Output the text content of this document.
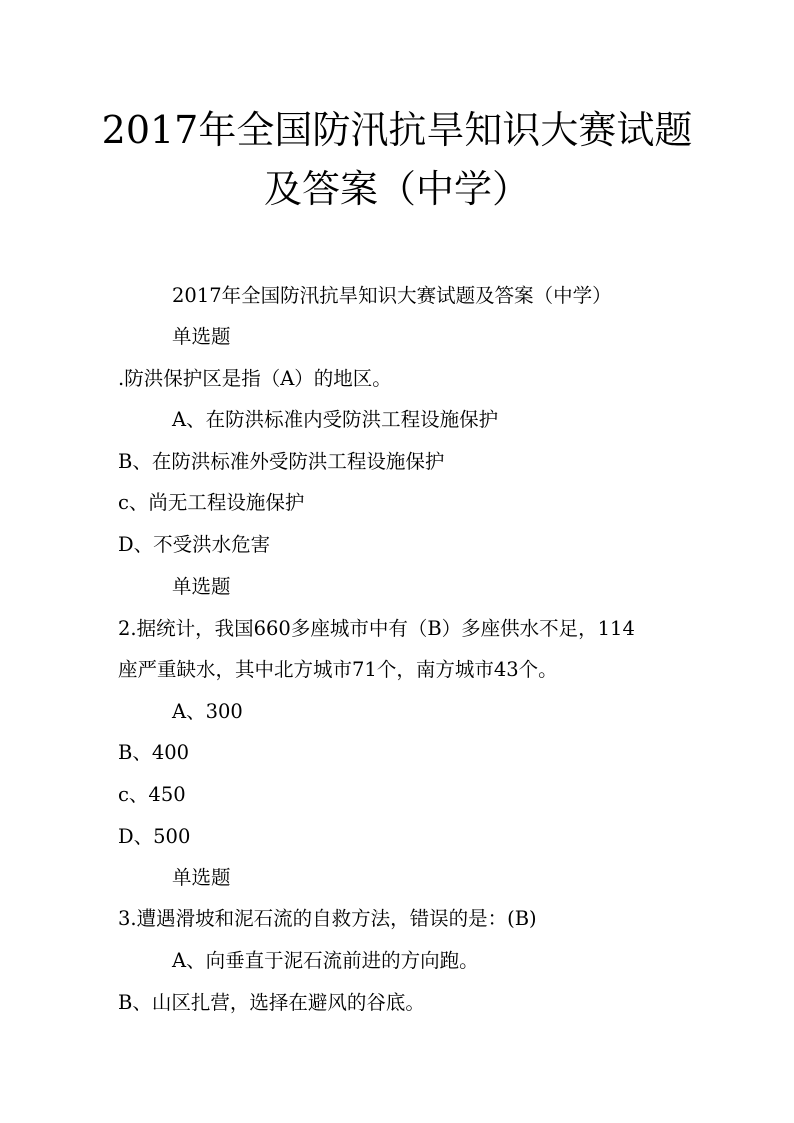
2017年全国防汛抗旱知识大赛试题
及答案（中学）
2017年全国防汛抗旱知识大赛试题及答案（中学）
单选题
.防洪保护区是指（A）的地区。
A、在防洪标准内受防洪工程设施保护
B、在防洪标准外受防洪工程设施保护
c、尚无工程设施保护
D、不受洪水危害
单选题
2.据统计，我国660多座城市中有（B）多座供水不足，114
座严重缺水，其中北方城市71个，南方城市43个。
A、300
B、400
c、450
D、500
单选题
3.遭遇滑坡和泥石流的自救方法，错误的是：(B)
A、向垂直于泥石流前进的方向跑。
B、山区扎营，选择在避风的谷底。
